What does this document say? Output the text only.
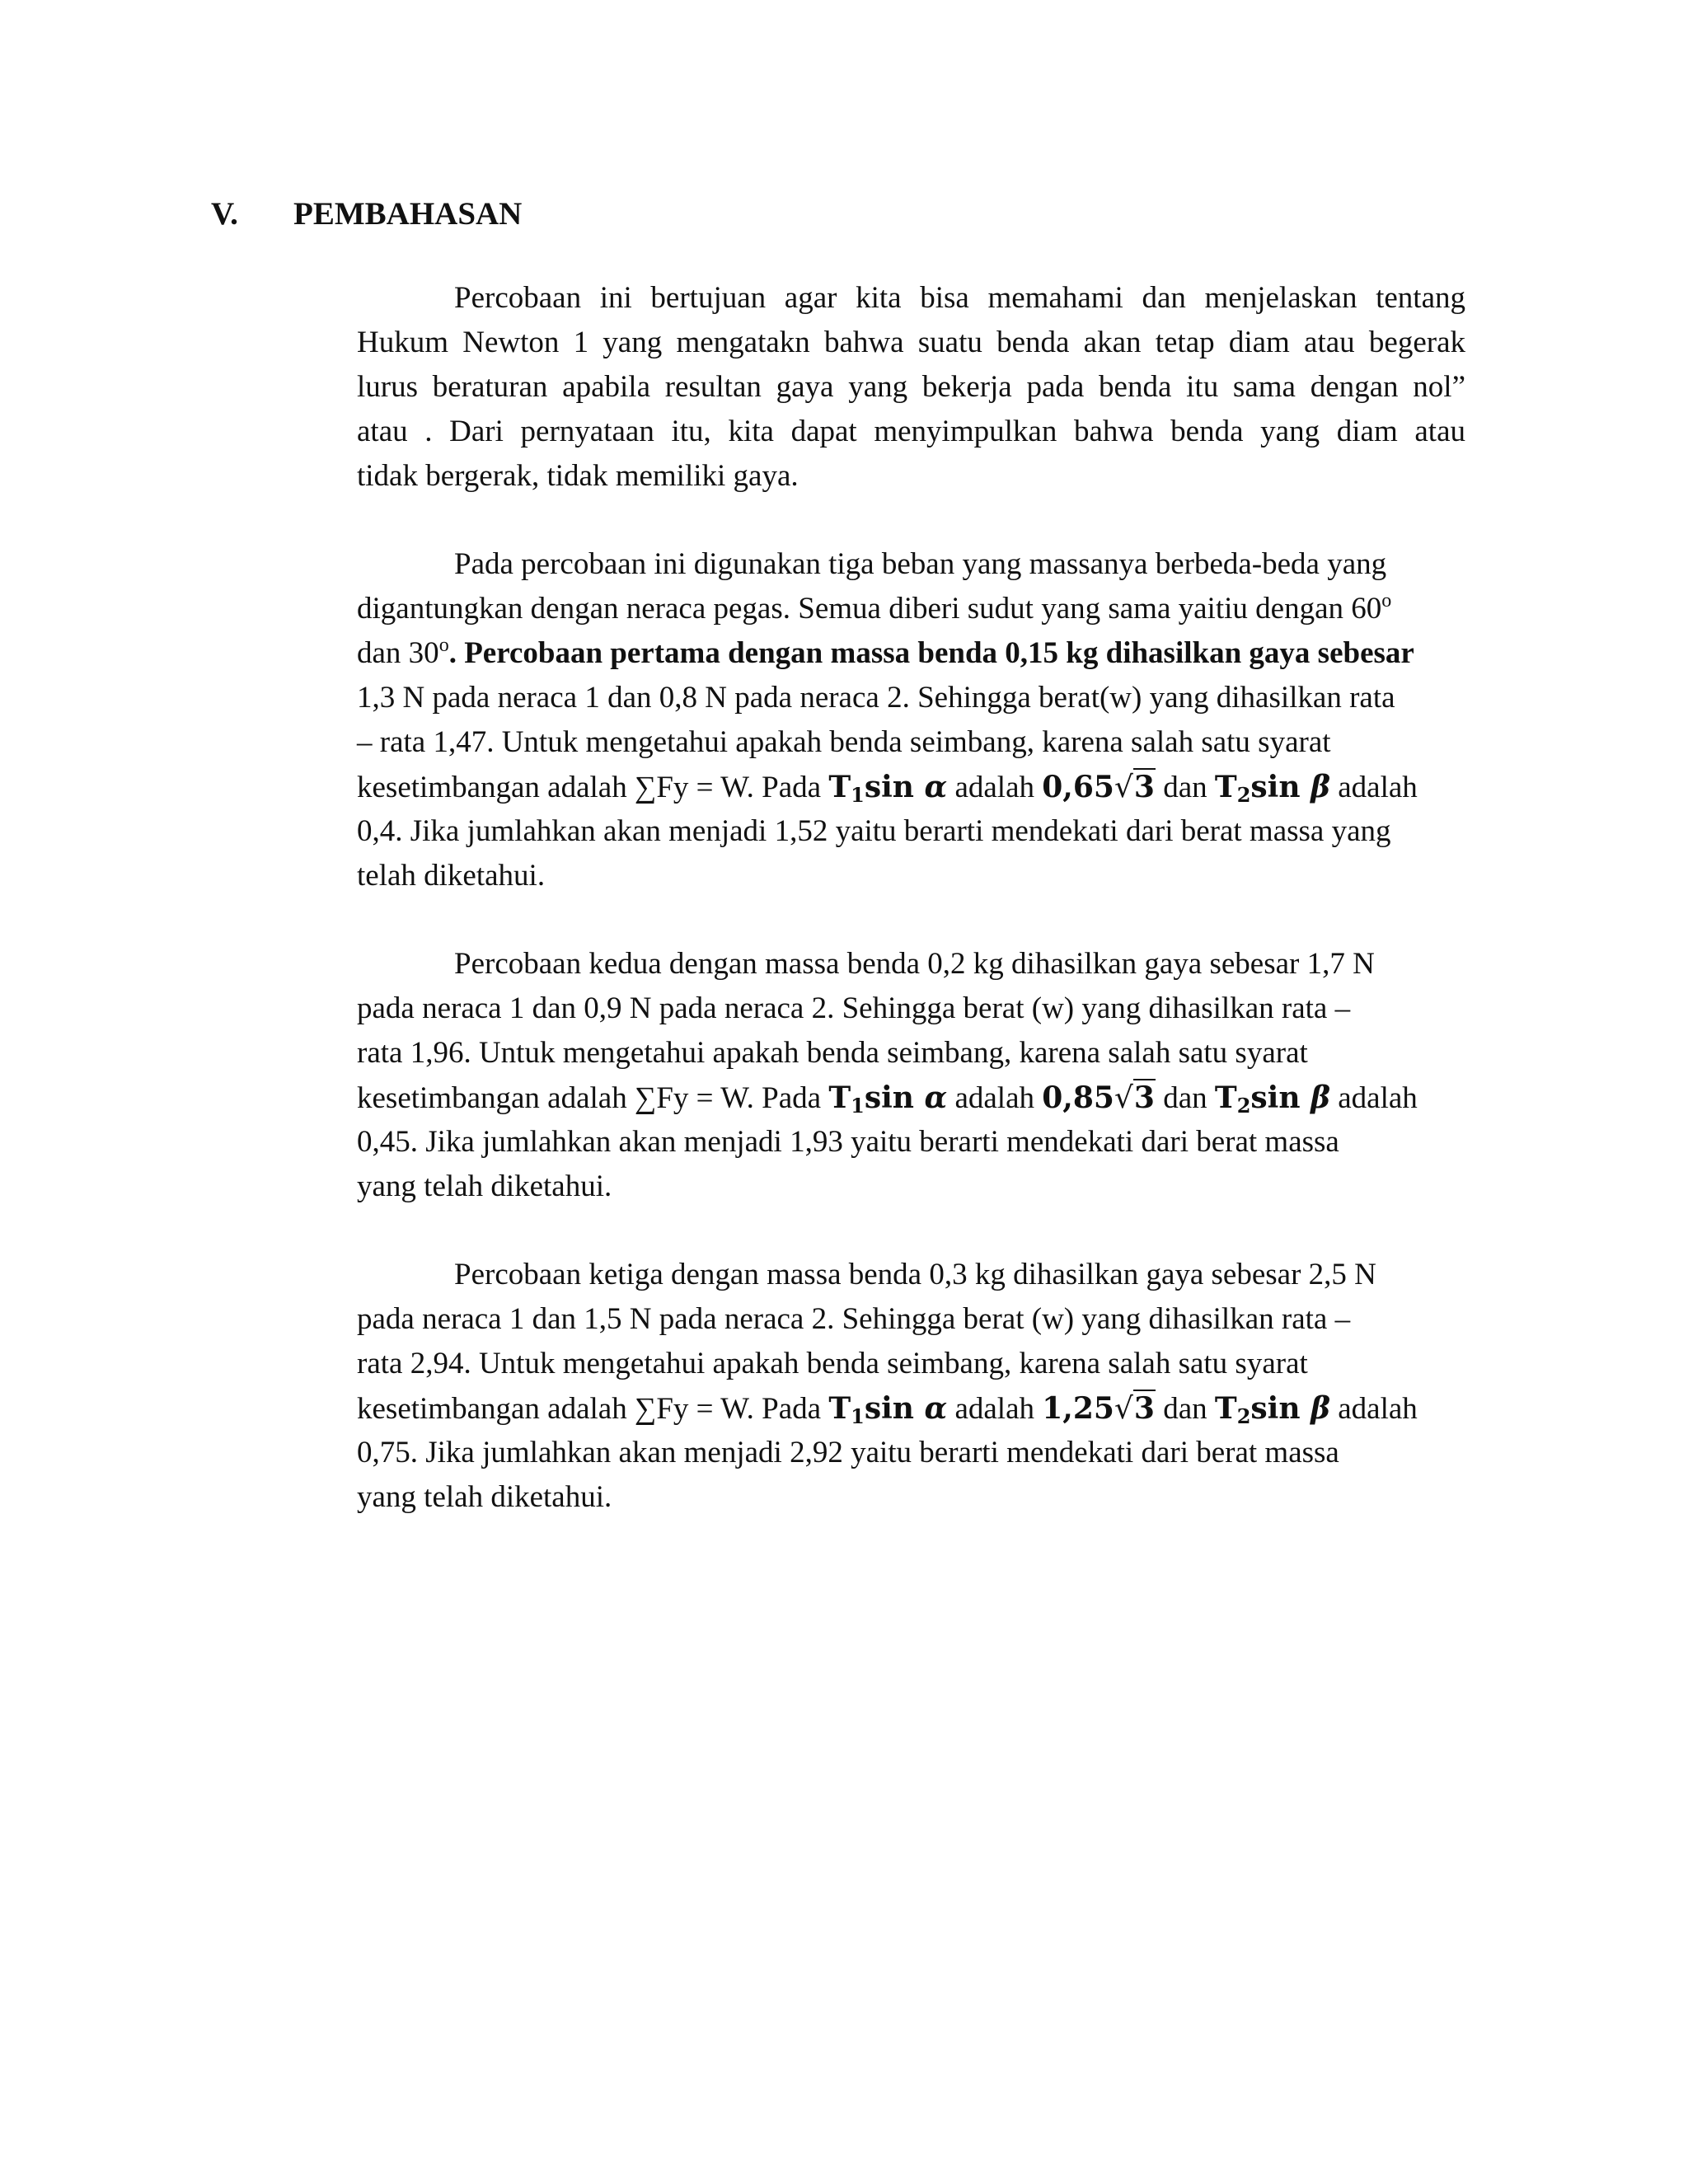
V. PEMBAHASAN
Percobaan ini bertujuan agar kita bisa memahami dan menjelaskan tentang
Hukum Newton 1 yang mengatakn bahwa suatu benda akan tetap diam atau begerak
lurus beraturan apabila resultan gaya yang bekerja pada benda itu sama dengan nol”
atau . Dari pernyataan itu, kita dapat menyimpulkan bahwa benda yang diam atau
tidak bergerak, tidak memiliki gaya.
Pada percobaan ini digunakan tiga beban yang massanya berbeda-beda yang
digantungkan dengan neraca pegas. Semua diberi sudut yang sama yaitiu dengan 60$^o$
dan 30$^o$. Percobaan pertama dengan massa benda 0,15 kg dihasilkan gaya sebesar
1,3 N pada neraca 1 dan 0,8 N pada neraca 2. Sehingga berat(w) yang dihasilkan rata
– rata 1,47. Untuk mengetahui apakah benda seimbang, karena salah satu syarat
kesetimbangan adalah ∑Fy = W. Pada $T_1\sin$ α adalah 0,65√3 dan $T_2\sin$ β adalah
0,4. Jika jumlahkan akan menjadi 1,52 yaitu berarti mendekati dari berat massa yang
telah diketahui.
Percobaan kedua dengan massa benda 0,2 kg dihasilkan gaya sebesar 1,7 N
pada neraca 1 dan 0,9 N pada neraca 2. Sehingga berat (w) yang dihasilkan rata –
rata 1,96. Untuk mengetahui apakah benda seimbang, karena salah satu syarat
kesetimbangan adalah ∑Fy = W. Pada $T_1\sin$ α adalah 0,85√3 dan $T_2\sin$ β adalah
0,45. Jika jumlahkan akan menjadi 1,93 yaitu berarti mendekati dari berat massa
yang telah diketahui.
Percobaan ketiga dengan massa benda 0,3 kg dihasilkan gaya sebesar 2,5 N
pada neraca 1 dan 1,5 N pada neraca 2. Sehingga berat (w) yang dihasilkan rata –
rata 2,94. Untuk mengetahui apakah benda seimbang, karena salah satu syarat
kesetimbangan adalah ∑Fy = W. Pada $T_1\sin$ α adalah 1,25√3 dan $T_2\sin$ β adalah
0,75. Jika jumlahkan akan menjadi 2,92 yaitu berarti mendekati dari berat massa
yang telah diketahui.
